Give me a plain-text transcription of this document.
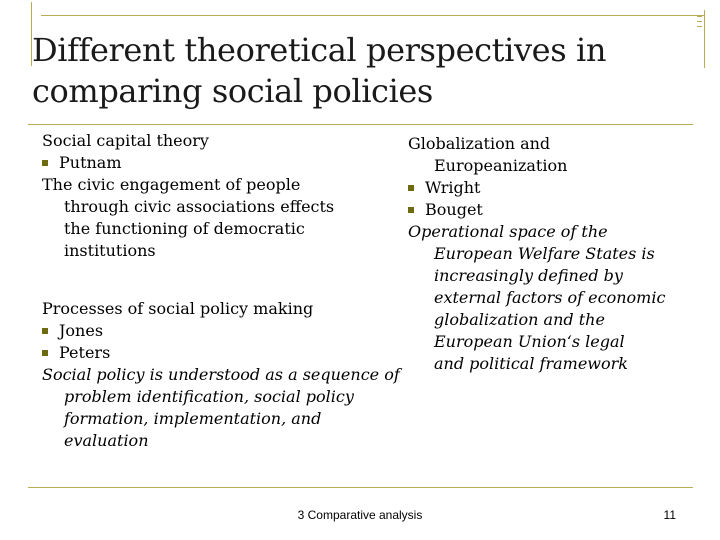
Different theoretical perspectives in
comparing social policies
Social capital theory
Putnam
The civic engagement of people
through civic associations effects
the functioning of democratic
institutions
Processes of social policy making
Jones
Peters
Social policy is understood as a sequence of
problem identification, social policy
formation, implementation, and
evaluation
Globalization and
Europeanization
Wright
Bouget
Operational space of the
European Welfare States is
increasingly defined by
external factors of economic
globalization and the
European Union‘s legal
and political framework
3 Comparative analysis	11
